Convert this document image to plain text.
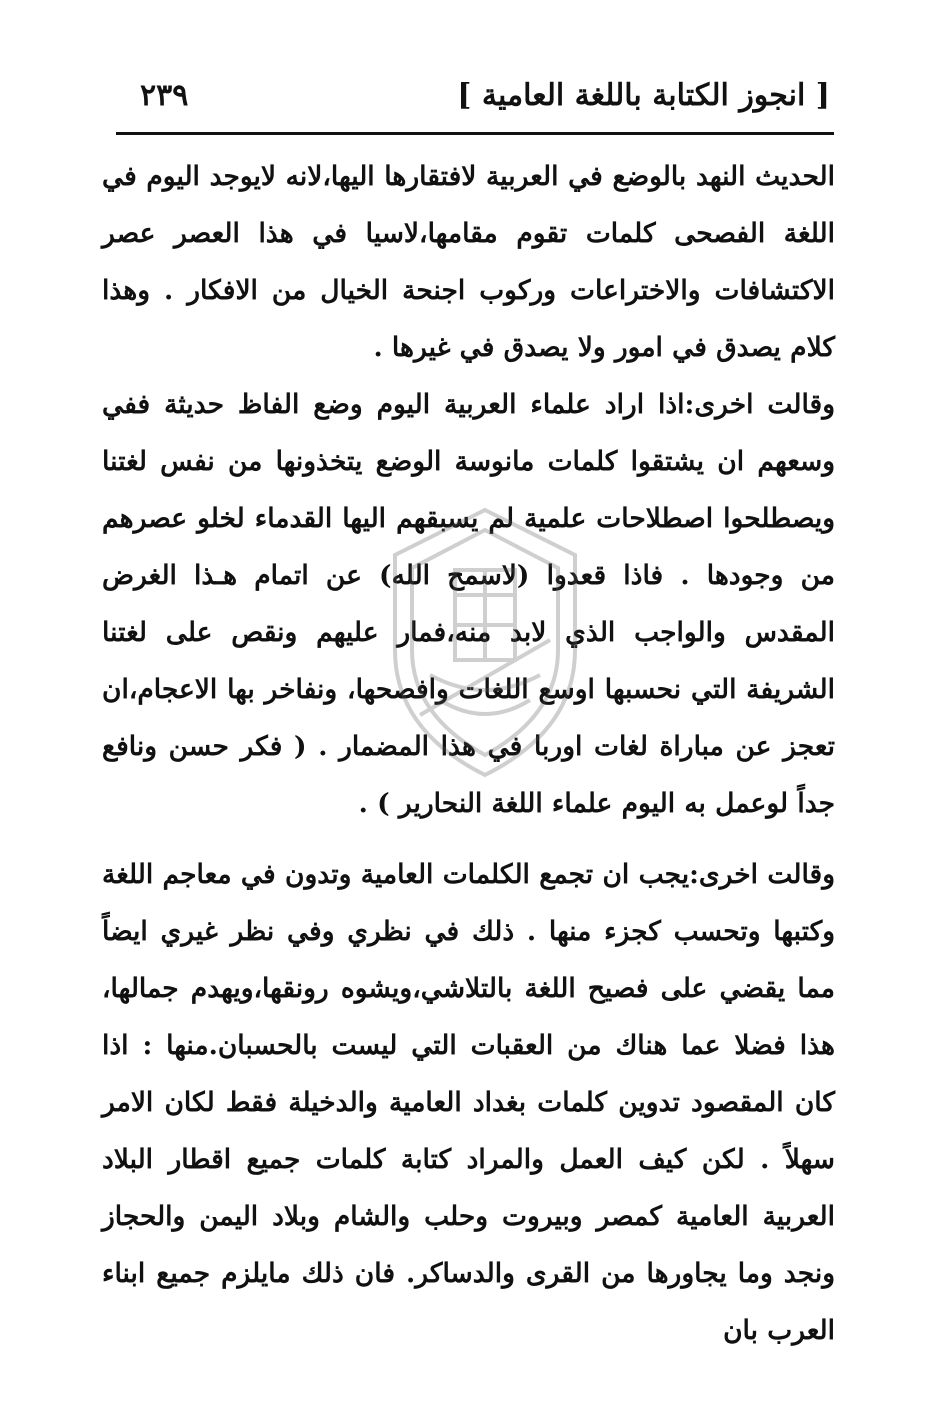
[ انجوز الكتابة باللغة العامية ]
٢٣٩

الحديث النهد بالوضع في العربية لافتقارها اليها،لانه لايوجد اليوم في اللغة الفصحى كلمات تقوم مقامها،لاسيا في هذا العصر عصر الاكتشافات والاختراعات وركوب اجنحة الخيال من الافكار . وهذا كلام يصدق في امور ولا يصدق في غيرها .

وقالت اخرى:اذا اراد علماء العربية اليوم وضع الفاظ حديثة ففي وسعهم ان يشتقوا كلمات مانوسة الوضع يتخذونها من نفس لغتنا ويصطلحوا اصطلاحات علمية لم يسبقهم اليها القدماء لخلو عصرهم من وجودها . فاذا قعدوا (لاسمح الله) عن اتمام هـذا الغرض المقدس والواجب الذي لابد منه،فمار عليهم ونقص على لغتنا الشريفة التي نحسبها اوسع اللغات وافصحها، ونفاخر بها الاعجام،ان تعجز عن مباراة لغات اوربا في هذا المضمار . ( فكر حسن ونافع جداً لوعمل به اليوم علماء اللغة النحارير ) .

وقالت اخرى:يجب ان تجمع الكلمات العامية وتدون في معاجم اللغة وكتبها وتحسب كجزء منها . ذلك في نظري وفي نظر غيري ايضاً مما يقضي على فصيح اللغة بالتلاشي،ويشوه رونقها،ويهدم جمالها، هذا فضلا عما هناك من العقبات التي ليست بالحسبان.منها : اذا كان المقصود تدوين كلمات بغداد العامية والدخيلة فقط لكان الامر سهلاً . لكن كيف العمل والمراد كتابة كلمات جميع اقطار البلاد العربية العامية كمصر وبيروت وحلب والشام وبلاد اليمن والحجاز ونجد وما يجاورها من القرى والدساكر. فان ذلك مايلزم جميع ابناء العرب بان
